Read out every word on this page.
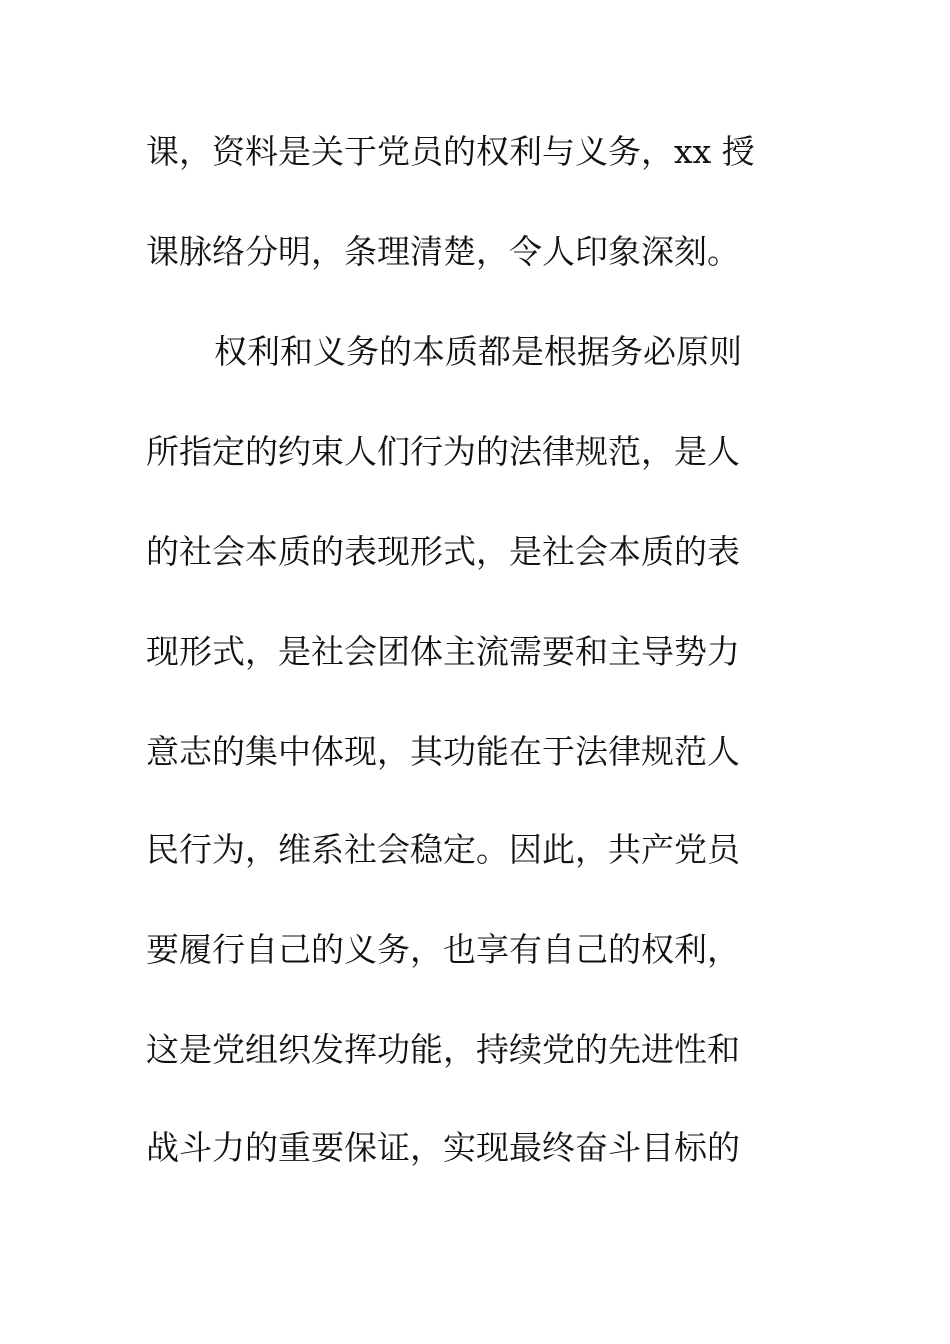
课，资料是关于党员的权利与义务，xx 授
课脉络分明，条理清楚，令人印象深刻。
权利和义务的本质都是根据务必原则
所指定的约束人们行为的法律规范，是人
的社会本质的表现形式，是社会本质的表
现形式，是社会团体主流需要和主导势力
意志的集中体现，其功能在于法律规范人
民行为，维系社会稳定。因此，共产党员
要履行自己的义务，也享有自己的权利，
这是党组织发挥功能，持续党的先进性和
战斗力的重要保证，实现最终奋斗目标的
